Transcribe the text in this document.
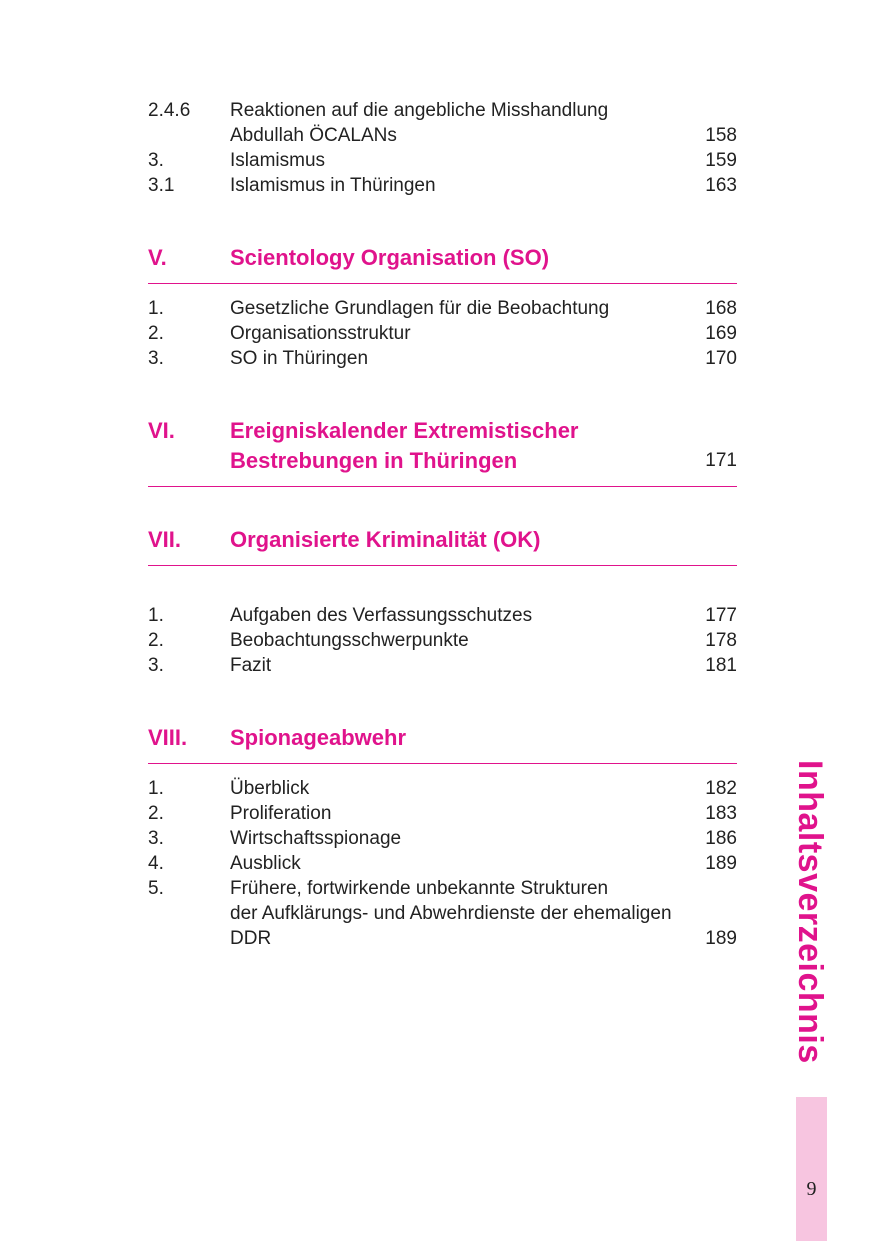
2.4.6 Reaktionen auf die angebliche Misshandlung
Abdullah ÖCALANs	158
3.	Islamismus	159
3.1	Islamismus in Thüringen	163
V.	Scientology Organisation (SO)
1.	Gesetzliche Grundlagen für die Beobachtung	168
2.	Organisationsstruktur	169
3.	SO in Thüringen	170
VI.	Ereigniskalender Extremistischer
Bestrebungen in Thüringen	171
VII. Organisierte Kriminalität (OK)
1.	Aufgaben des Verfassungsschutzes	177
2.	Beobachtungsschwerpunkte	178
3.	Fazit	181
VIII. Spionageabwehr
1.	Überblick	182
2.	Proliferation	183
3.	Wirtschaftsspionage	186
4.	Ausblick	189
5.	Frühere, fortwirkende unbekannte Strukturen
der Aufklärungs- und Abwehrdienste der ehemaligen
DDR	189 Inhaltsverzeichnis
9
